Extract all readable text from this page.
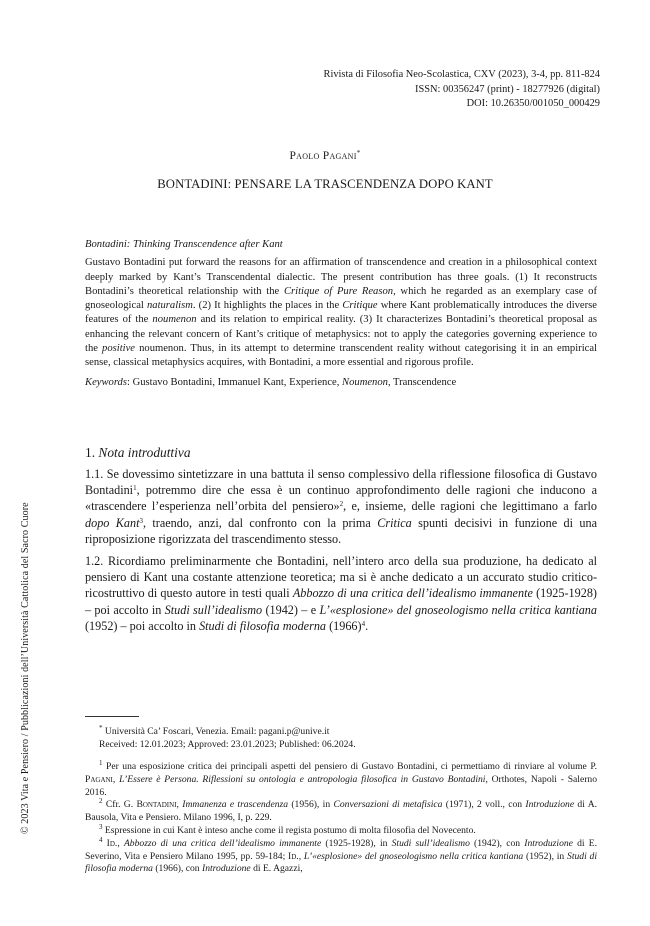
© 2023 Vita e Pensiero / Pubblicazioni dell’Università Cattolica del Sacro Cuore
Rivista di Filosofia Neo-Scolastica, CXV (2023), 3-4, pp. 811-824
ISSN: 00356247 (print) - 18277926 (digital)
DOI: 10.26350/001050_000429
Paolo Pagani*
BONTADINI: PENSARE LA TRASCENDENZA DOPO KANT

Bontadini: Thinking Transcendence after Kant

Gustavo Bontadini put forward the reasons for an affirmation of transcendence and creation in a philosophical context deeply marked by Kant’s Transcendental dialectic. The present contribution has three goals. (1) It reconstructs Bontadini’s theoretical relationship with the Critique of Pure Reason, which he regarded as an exemplary case of gnoseological naturalism. (2) It highlights the places in the Critique where Kant problematically introduces the diverse features of the noumenon and its relation to empirical reality. (3) It characterizes Bontadini’s theoretical proposal as enhancing the relevant concern of Kant’s critique of metaphysics: not to apply the categories governing experience to the positive noumenon. Thus, in its attempt to determine transcendent reality without categorising it in an empirical sense, classical metaphysics acquires, with Bontadini, a more essential and rigorous profile.

Keywords: Gustavo Bontadini, Immanuel Kant, Experience, Noumenon, Transcendence

1. Nota introduttiva

1.1. Se dovessimo sintetizzare in una battuta il senso complessivo della riflessione filosofica di Gustavo Bontadini$^1$, potremmo dire che essa è un continuo approfondimento delle ragioni che inducono a «trascendere l’esperienza nell’orbita del pensiero»$^2$, e, insieme, delle ragioni che legittimano a farlo dopo Kant$^3$, traendo, anzi, dal confronto con la prima Critica spunti decisivi in funzione di una riproposizione rigorizzata del trascendimento stesso.

1.2. Ricordiamo preliminarmente che Bontadini, nell’intero arco della sua produzione, ha dedicato al pensiero di Kant una costante attenzione teoretica; ma si è anche dedicato a un accurato studio critico-ricostruttivo di questo autore in testi quali Abbozzo di una critica dell’idealismo immanente (1925-1928) – poi accolto in Studi sull’idealismo (1942) – e L’«esplosione» del gnoseologismo nella critica kantiana (1952) – poi accolto in Studi di filosofia moderna $(1966)^4$.

* Università Ca’ Foscari, Venezia. Email: pagani.p@unive.it

Received: 12.01.2023; Approved: 23.01.2023; Published: 06.2024.

$^1$ Per una esposizione critica dei principali aspetti del pensiero di Gustavo Bontadini, ci permettiamo di rinviare al volume P. Pagani, L’Essere è Persona. Riflessioni su ontologia e antropologia filosofica in Gustavo Bontadini, Orthotes, Napoli - Salerno 2016.

$^2$ Cfr. G. Bontadini, Immanenza e trascendenza (1956), in Conversazioni di metafisica (1971), 2 voll., con Introduzione di A. Bausola, Vita e Pensiero. Milano 1996, I, p. 229.

$^3$ Espressione in cui Kant è inteso anche come il regista postumo di molta filosofia del Novecento.

$^4$ Id., Abbozzo di una critica dell’idealismo immanente (1925-1928), in Studi sull’idealismo (1942), con Introduzione di E. Severino, Vita e Pensiero Milano 1995, pp. 59-184; Id., L’«esplosione» del gnoseologismo nella critica kantiana (1952), in Studi di filosofia moderna (1966), con Introduzione di E. Agazzi,
